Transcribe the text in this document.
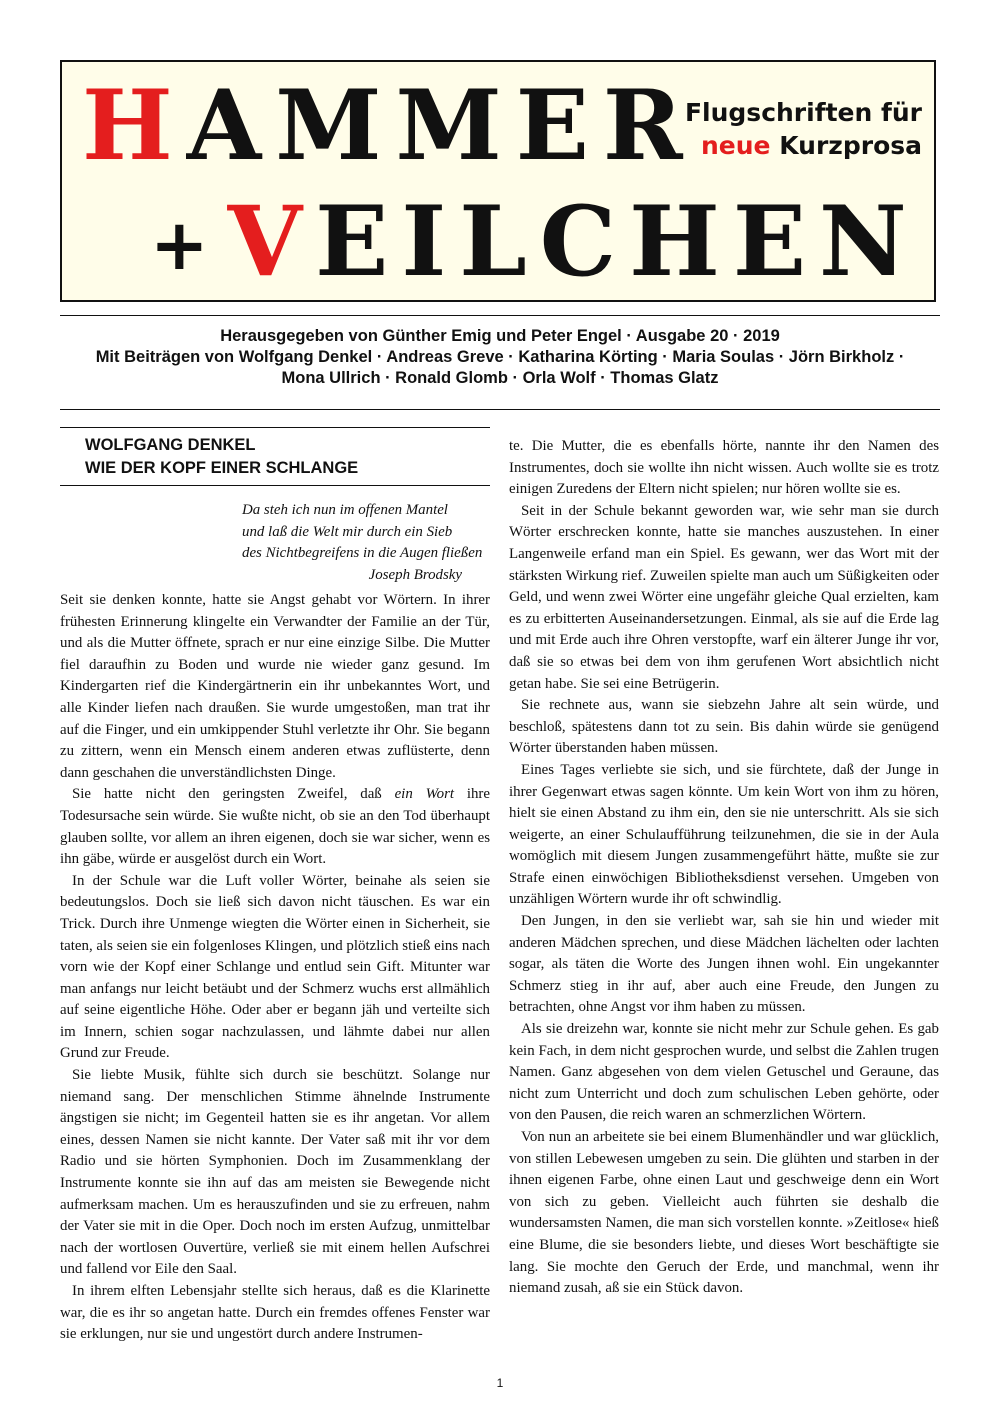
HAMMER
+VEILCHEN
Flugschriften für
neue Kurzprosa
Herausgegeben von Günther Emig und Peter Engel · Ausgabe 20 · 2019
Mit Beiträgen von Wolfgang Denkel · Andreas Greve · Katharina Körting · Maria Soulas · Jörn Birkholz ·
Mona Ullrich · Ronald Glomb · Orla Wolf · Thomas Glatz
WOLFGANG DENKEL
WIE DER KOPF EINER SCHLANGE
Da steh ich nun im offenen Mantel
und laß die Welt mir durch ein Sieb
des Nichtbegreifens in die Augen fließen
Joseph Brodsky

Seit sie denken konnte, hatte sie Angst gehabt vor Wörtern. In ihrer frühesten Erinnerung klingelte ein Verwandter der Familie an der Tür, und als die Mutter öffnete, sprach er nur eine einzige Silbe. Die Mutter fiel daraufhin zu Boden und wurde nie wieder ganz gesund. Im Kindergarten rief die Kindergärtnerin ein ihr unbekanntes Wort, und alle Kinder liefen nach draußen. Sie wurde umgestoßen, man trat ihr auf die Finger, und ein umkippender Stuhl verletzte ihr Ohr. Sie begann zu zittern, wenn ein Mensch einem anderen etwas zuflüsterte, denn dann geschahen die unverständlichsten Dinge.

Sie hatte nicht den geringsten Zweifel, daß ein Wort ihre Todesursache sein würde. Sie wußte nicht, ob sie an den Tod überhaupt glauben sollte, vor allem an ihren eigenen, doch sie war sicher, wenn es ihn gäbe, würde er ausgelöst durch ein Wort.

In der Schule war die Luft voller Wörter, beinahe als seien sie bedeutungslos. Doch sie ließ sich davon nicht täuschen. Es war ein Trick. Durch ihre Unmenge wiegten die Wörter einen in Sicherheit, sie taten, als seien sie ein folgenloses Klingen, und plötzlich stieß eins nach vorn wie der Kopf einer Schlange und entlud sein Gift. Mitunter war man anfangs nur leicht betäubt und der Schmerz wuchs erst allmählich auf seine eigentliche Höhe. Oder aber er begann jäh und verteilte sich im Innern, schien sogar nachzulassen, und lähmte dabei nur allen Grund zur Freude.

Sie liebte Musik, fühlte sich durch sie beschützt. Solange nur niemand sang. Der menschlichen Stimme ähnelnde Instrumente ängstigen sie nicht; im Gegenteil hatten sie es ihr angetan. Vor allem eines, dessen Namen sie nicht kannte. Der Vater saß mit ihr vor dem Radio und sie hörten Symphonien. Doch im Zusammenklang der Instrumente konnte sie ihn auf das am meisten sie Bewegende nicht aufmerksam machen. Um es herauszufinden und sie zu erfreuen, nahm der Vater sie mit in die Oper. Doch noch im ersten Aufzug, unmittelbar nach der wortlosen Ouvertüre, verließ sie mit einem hellen Aufschrei und fallend vor Eile den Saal.

In ihrem elften Lebensjahr stellte sich heraus, daß es die Klarinette war, die es ihr so angetan hatte. Durch ein fremdes offenes Fenster war sie erklungen, nur sie und ungestört durch andere Instrumen-

te. Die Mutter, die es ebenfalls hörte, nannte ihr den Namen des Instrumentes, doch sie wollte ihn nicht wissen. Auch wollte sie es trotz einigen Zuredens der Eltern nicht spielen; nur hören wollte sie es.

Seit in der Schule bekannt geworden war, wie sehr man sie durch Wörter erschrecken konnte, hatte sie manches auszustehen. In einer Langenweile erfand man ein Spiel. Es gewann, wer das Wort mit der stärksten Wirkung rief. Zuweilen spielte man auch um Süßigkeiten oder Geld, und wenn zwei Wörter eine ungefähr gleiche Qual erzielten, kam es zu erbitterten Auseinandersetzungen. Einmal, als sie auf die Erde lag und mit Erde auch ihre Ohren verstopfte, warf ein älterer Junge ihr vor, daß sie so etwas bei dem von ihm gerufenen Wort absichtlich nicht getan habe. Sie sei eine Betrügerin.

Sie rechnete aus, wann sie siebzehn Jahre alt sein würde, und beschloß, spätestens dann tot zu sein. Bis dahin würde sie genügend Wörter überstanden haben müssen.

Eines Tages verliebte sie sich, und sie fürchtete, daß der Junge in ihrer Gegenwart etwas sagen könnte. Um kein Wort von ihm zu hören, hielt sie einen Abstand zu ihm ein, den sie nie unterschritt. Als sie sich weigerte, an einer Schulaufführung teilzunehmen, die sie in der Aula womöglich mit diesem Jungen zusammengeführt hätte, mußte sie zur Strafe einen einwöchigen Bibliotheksdienst versehen. Umgeben von unzähligen Wörtern wurde ihr oft schwindlig.

Den Jungen, in den sie verliebt war, sah sie hin und wieder mit anderen Mädchen sprechen, und diese Mädchen lächelten oder lachten sogar, als täten die Worte des Jungen ihnen wohl. Ein ungekannter Schmerz stieg in ihr auf, aber auch eine Freude, den Jungen zu betrachten, ohne Angst vor ihm haben zu müssen.

Als sie dreizehn war, konnte sie nicht mehr zur Schule gehen. Es gab kein Fach, in dem nicht gesprochen wurde, und selbst die Zahlen trugen Namen. Ganz abgesehen von dem vielen Getuschel und Geraune, das nicht zum Unterricht und doch zum schulischen Leben gehörte, oder von den Pausen, die reich waren an schmerzlichen Wörtern.

Von nun an arbeitete sie bei einem Blumenhändler und war glücklich, von stillen Lebewesen umgeben zu sein. Die glühten und starben in der ihnen eigenen Farbe, ohne einen Laut und geschweige denn ein Wort von sich zu geben. Vielleicht auch führten sie deshalb die wundersamsten Namen, die man sich vorstellen konnte. »Zeitlose« hieß eine Blume, die sie besonders liebte, und dieses Wort beschäftigte sie lang. Sie mochte den Geruch der Erde, und manchmal, wenn ihr niemand zusah, aß sie ein Stück davon.

1
